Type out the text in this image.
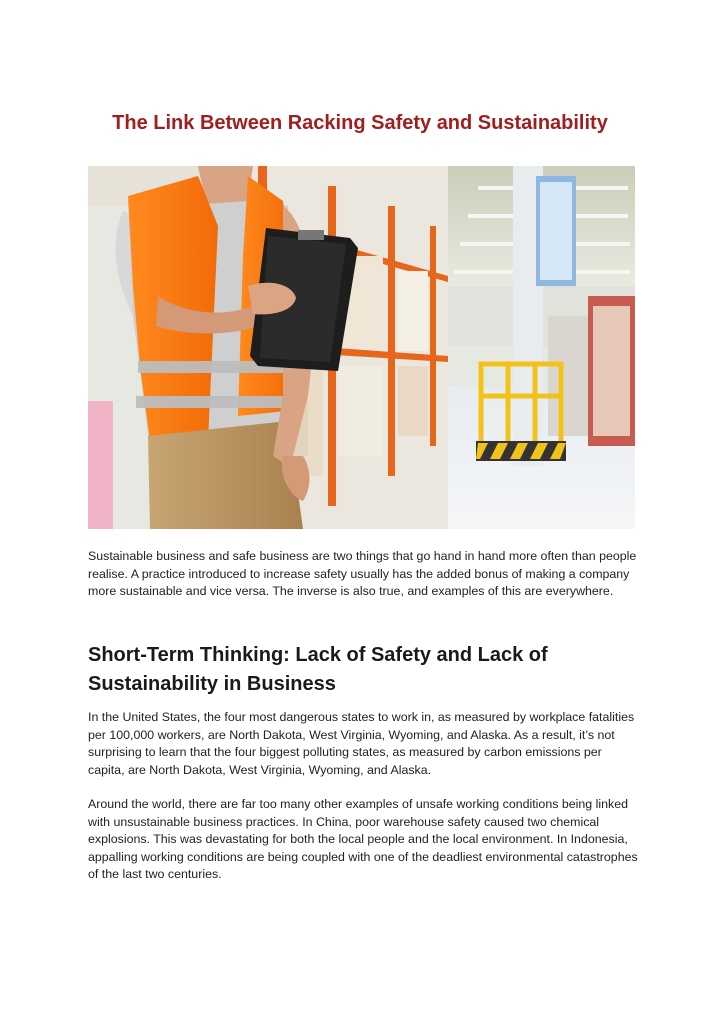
The Link Between Racking Safety and Sustainability

Sustainable business and safe business are two things that go hand in hand more often than people realise. A practice introduced to increase safety usually has the added bonus of making a company more sustainable and vice versa. The inverse is also true, and examples of this are everywhere.

Short-Term Thinking: Lack of Safety and Lack of Sustainability in Business

In the United States, the four most dangerous states to work in, as measured by workplace fatalities per 100,000 workers, are North Dakota, West Virginia, Wyoming, and Alaska. As a result, it’s not surprising to learn that the four biggest polluting states, as measured by carbon emissions per capita, are North Dakota, West Virginia, Wyoming, and Alaska.

Around the world, there are far too many other examples of unsafe working conditions being linked with unsustainable business practices. In China, poor warehouse safety caused two chemical explosions. This was devastating for both the local people and the local environment. In Indonesia, appalling working conditions are being coupled with one of the deadliest environmental catastrophes of the last two centuries.
